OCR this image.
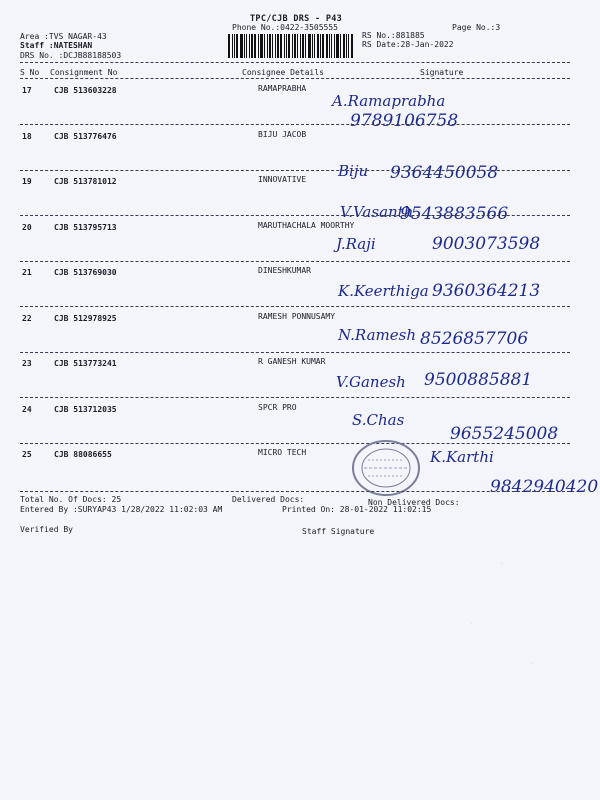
TPC/CJB DRS - P43
Phone No.:0422-3505555	Page No.:3
Area :TVS NAGAR-43
Staff :NATESHAN
DRS No. :DCJB88188503
RS No.:881885
RS Date:28-Jan-2022
S No Consignment No	Consignee Details	Signature
17	CJB 513603228	RAMAPRABHA
A.Ramaprabha
9789106758
18	CJB 513776476	BIJU JACOB
Biju 9364450058
19	CJB 513781012	INNOVATIVE
V.Vasanth
9543883566
20	CJB 513795713	MARUTHACHALA MOORTHY
J.Raji	9003073598
21	CJB 513769030	DINESHKUMAR
K.Keerthiga 9360364213
22	CJB 512978925	RAMESH PONNUSAMY
N.Ramesh 8526857706
23	CJB 513773241	R GANESH KUMAR
V.Ganesh 9500885881
24	CJB 513712035	SPCR PRO
S.Chas
9655245008
25	CJB 88086655	MICRO TECH	K.Karthi
9842940420
Total No. Of Docs: 25	Delivered Docs:	Non Delivered Docs:
Entered By :SURYAP43 1/28/2022 11:02:03 AM	Printed On: 28-01-2022 11:02:15
Verified By	Staff Signature
·
·
·
